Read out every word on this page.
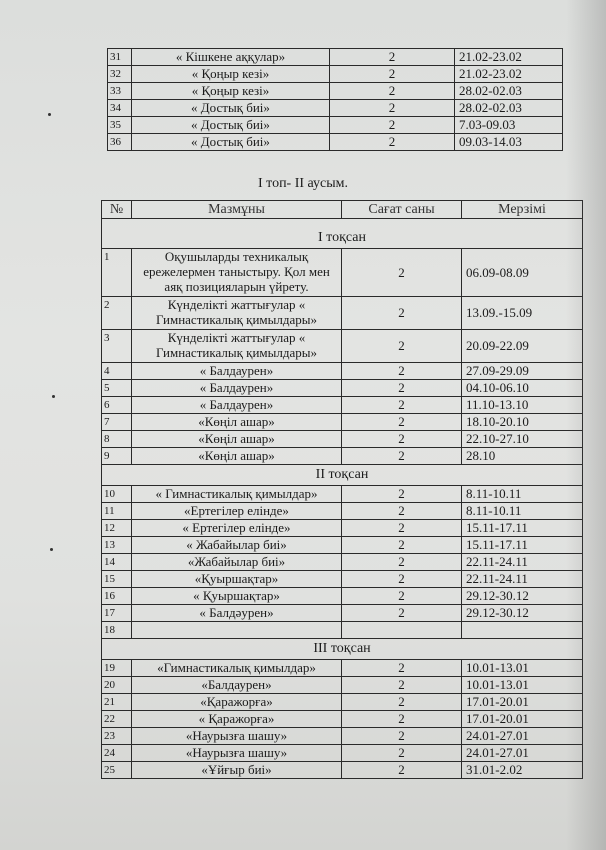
31	« Кішкене аққулар»	2	21.02-23.02
32	« Қоңыр кезі»	2	21.02-23.02
33	« Қоңыр кезі»	2	28.02-02.03
34	« Достық биі»	2	28.02-02.03
35	« Достық биі»	2	7.03-09.03
36	« Достық биі»	2	09.03-14.03
I топ- II аусым.
№	Мазмұны	Сағат саны	Мерзімі
I тоқсан			
1	Оқушыларды техникалық ережелермен таныстыру. Қол мен аяқ позицияларын үйрету.	2	06.09-08.09
2	Күнделікті жаттығулар « Гимнастикалық қимылдары»	2	13.09.-15.09
3	Күнделікті жаттығулар « Гимнастикалық қимылдары»	2	20.09-22.09
4	« Балдаурен»	2	27.09-29.09
5	« Балдаурен»	2	04.10-06.10
6	« Балдаурен»	2	11.10-13.10
7	«Көңіл ашар»	2	18.10-20.10
8	«Көңіл ашар»	2	22.10-27.10
9	«Көңіл ашар»	2	28.10
II тоқсан			
10	« Гимнастикалық қимылдар»	2	8.11-10.11
11	«Ертегілер елінде»	2	8.11-10.11
12	« Ертегілер елінде»	2	15.11-17.11
13	« Жабайылар биі»	2	15.11-17.11
14	«Жабайылар биі»	2	22.11-24.11
15	«Қуыршақтар»	2	22.11-24.11
16	« Қуыршақтар»	2	29.12-30.12
17	« Балдәурен»	2	29.12-30.12
18			
III тоқсан			
19	«Гимнастикалық қимылдар»	2	10.01-13.01
20	«Балдаурен»	2	10.01-13.01
21	«Қаражорға»	2	17.01-20.01
22	« Қаражорға»	2	17.01-20.01
23	«Наурызға шашу»	2	24.01-27.01
24	«Наурызға шашу»	2	24.01-27.01
25	«Ұйғыр биі»	2	31.01-2.02
